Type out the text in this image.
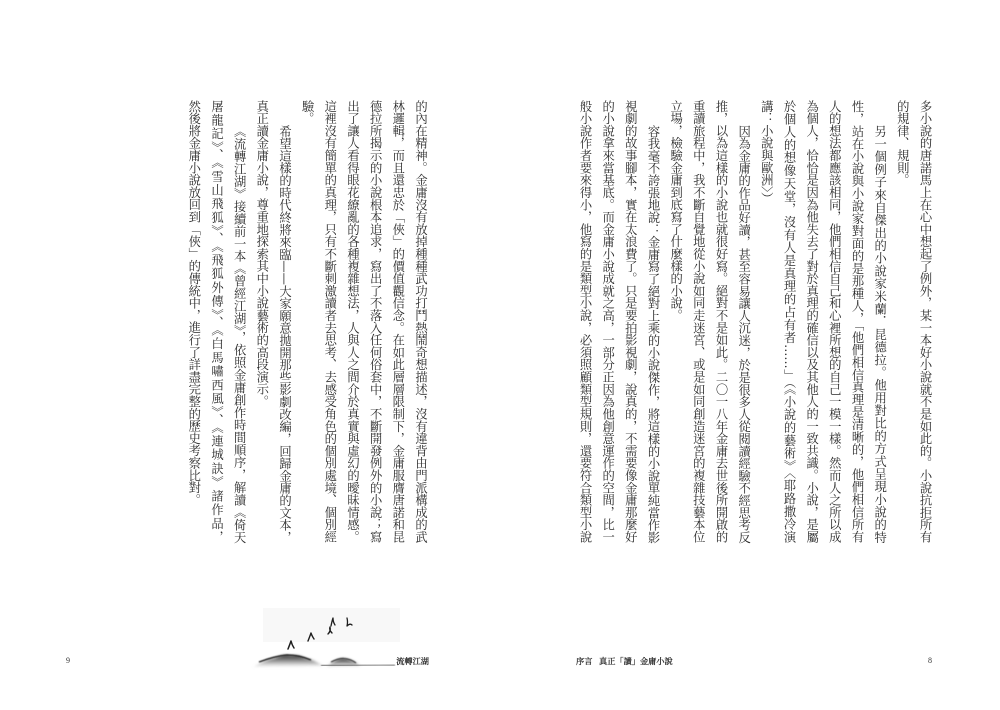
的內在精神。金庸沒有放掉種種武功打鬥熱鬧奇想描述，沒有違背由門派構成的武
林邏輯，而且還忠於「俠」的價值觀信念。在如此層層限制下，金庸服膺唐諾和昆
德拉所揭示的小說根本追求，寫出了不落入任何俗套中，不斷開發例外的小說；寫
出了讓人看得眼花繚亂的各種複雜想法，人與人之間介於真實與虛幻的曖昧情感。
這裡沒有簡單的真理，只有不斷刺激讀者去思考、去感受角色的個別處境、個別經
驗。
希望這樣的時代終將來臨——大家願意拋開那些影劇改編，回歸金庸的文本，
真正讀金庸小說，尊重地探索其中小說藝術的高段演示。
《流轉江湖》接續前一本《曾經江湖》，依照金庸創作時間順序，解讀《倚天
屠龍記》、《雪山飛狐》、《飛狐外傳》、《白馬嘯西風》、《連城訣》諸作品，
然後將金庸小說放回到「俠」的傳統中，進行了詳盡完整的歷史考察比對。
流轉江湖
9
多小說的唐諾馬上在心中想起了例外，某一本好小說就不是如此的。小說抗拒所有
的規律、規則。
另一個例子來自傑出的小說家米蘭．昆德拉。他用對比的方式呈現小說的特
性，站在小說與小說家對面的是那種人，「他們相信真理是清晰的，他們相信所有
人的想法都應該相同，他們相信自己和心裡所想的自己一模一樣。然而人之所以成
為個人，恰恰是因為他失去了對於真理的確信以及其他人的一致共識。小說，是屬
於個人的想像天堂，沒有人是真理的占有者……」（《小說的藝術》〈耶路撒冷演
講：小說與歐洲〉）
因為金庸的作品好讀，甚至容易讓人沉迷，於是很多人從閱讀經驗不經思考反
推，以為這樣的小說也就很好寫。絕對不是如此。二〇一八年金庸去世後所開啟的
重讀旅程中，我不斷自覺地從小說如同走迷宮、或是如同創造迷宮的複雜技藝本位
立場，檢驗金庸到底寫了什麼樣的小說。
容我毫不誇張地說：金庸寫了絕對上乘的小說傑作，將這樣的小說單純當作影
視劇的故事腳本，實在太浪費了。只是要拍影視劇，說真的，不需要像金庸那麼好
的小說拿來當基底。而金庸小說成就之高，一部分正因為他創意運作的空間，比一
般小說作者要來得小，他寫的是類型小說，必須照顧類型規則，還要符合類型小說
序言 真正「讀」金庸小說	8
